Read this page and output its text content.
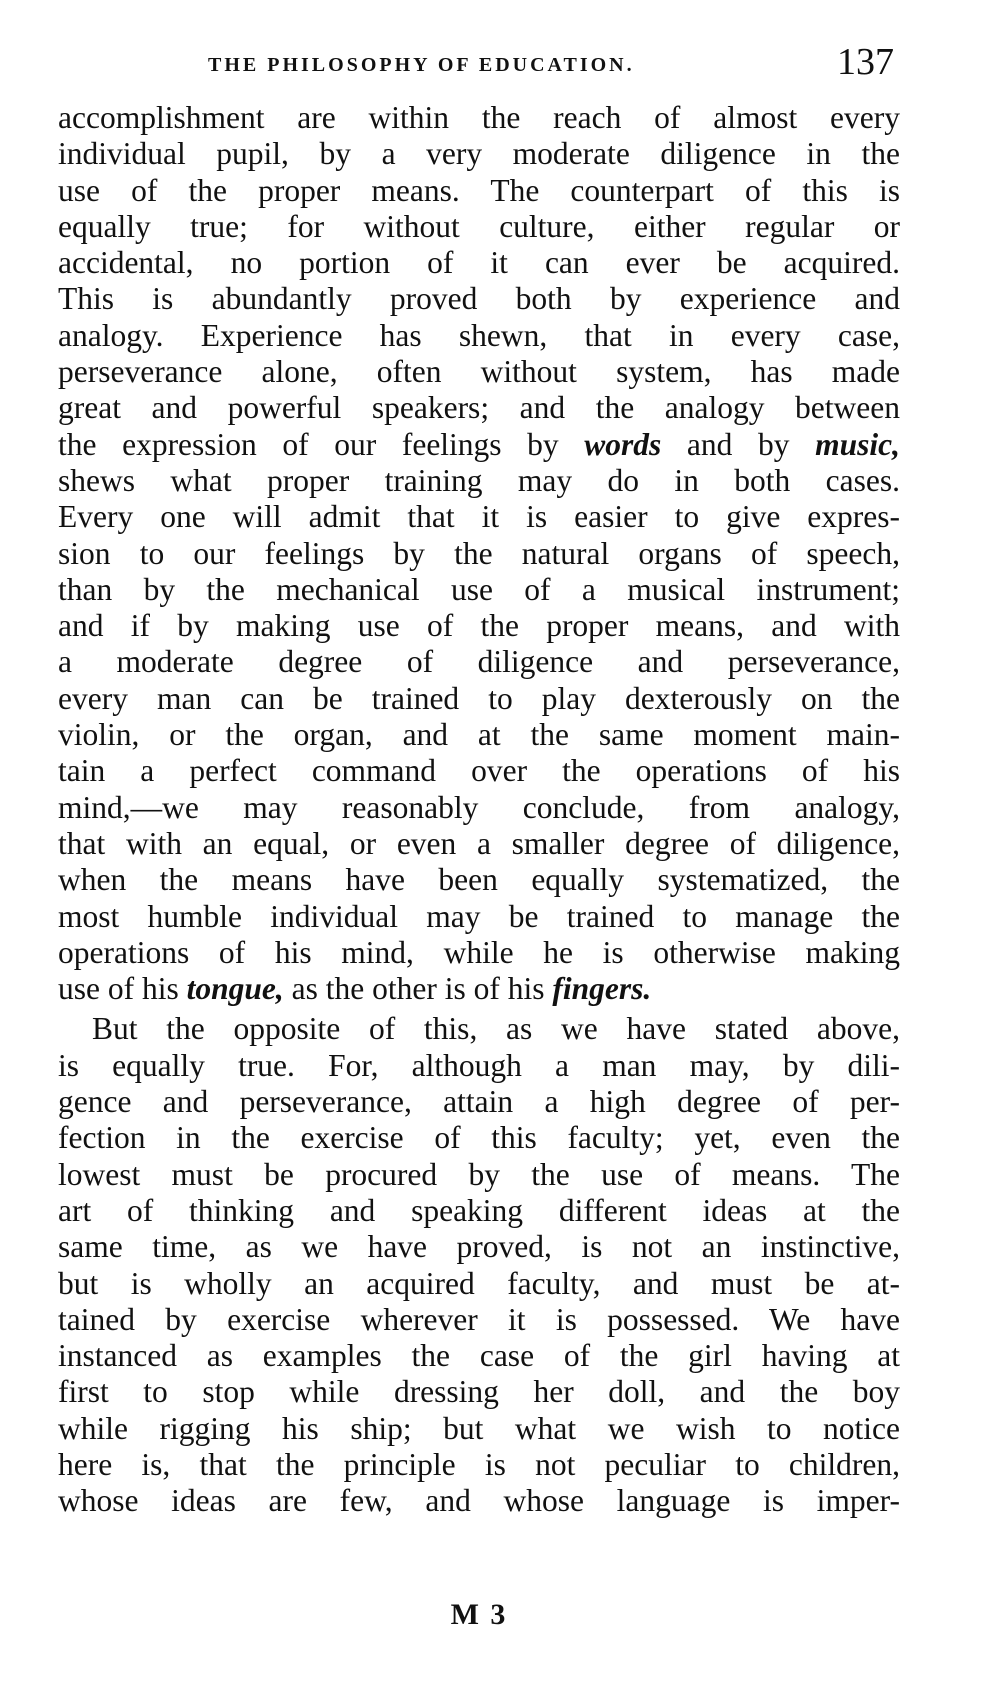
THE PHILOSOPHY OF EDUCATION.	137
accomplishment are within the reach of almost every
individual pupil, by a very moderate diligence in the
use of the proper means. The counterpart of this is
equally true; for without culture, either regular or
accidental, no portion of it can ever be acquired.
This is abundantly proved both by experience and
analogy. Experience has shewn, that in every case,
perseverance alone, often without system, has made
great and powerful speakers; and the analogy between
the expression of our feelings by words and by music,
shews what proper training may do in both cases.
Every one will admit that it is easier to give expres-
sion to our feelings by the natural organs of speech,
than by the mechanical use of a musical instrument;
and if by making use of the proper means, and with
a moderate degree of diligence and perseverance,
every man can be trained to play dexterously on the
violin, or the organ, and at the same moment main-
tain a perfect command over the operations of his
mind,—we may reasonably conclude, from analogy,
that with an equal, or even a smaller degree of diligence,
when the means have been equally systematized, the
most humble individual may be trained to manage the
operations of his mind, while he is otherwise making
use of his tongue, as the other is of his fingers.
But the opposite of this, as we have stated above,
is equally true. For, although a man may, by dili-
gence and perseverance, attain a high degree of per-
fection in the exercise of this faculty; yet, even the
lowest must be procured by the use of means. The
art of thinking and speaking different ideas at the
same time, as we have proved, is not an instinctive,
but is wholly an acquired faculty, and must be at-
tained by exercise wherever it is possessed. We have
instanced as examples the case of the girl having at
first to stop while dressing her doll, and the boy
while rigging his ship; but what we wish to notice
here is, that the principle is not peculiar to children,
whose ideas are few, and whose language is imper-
M 3
